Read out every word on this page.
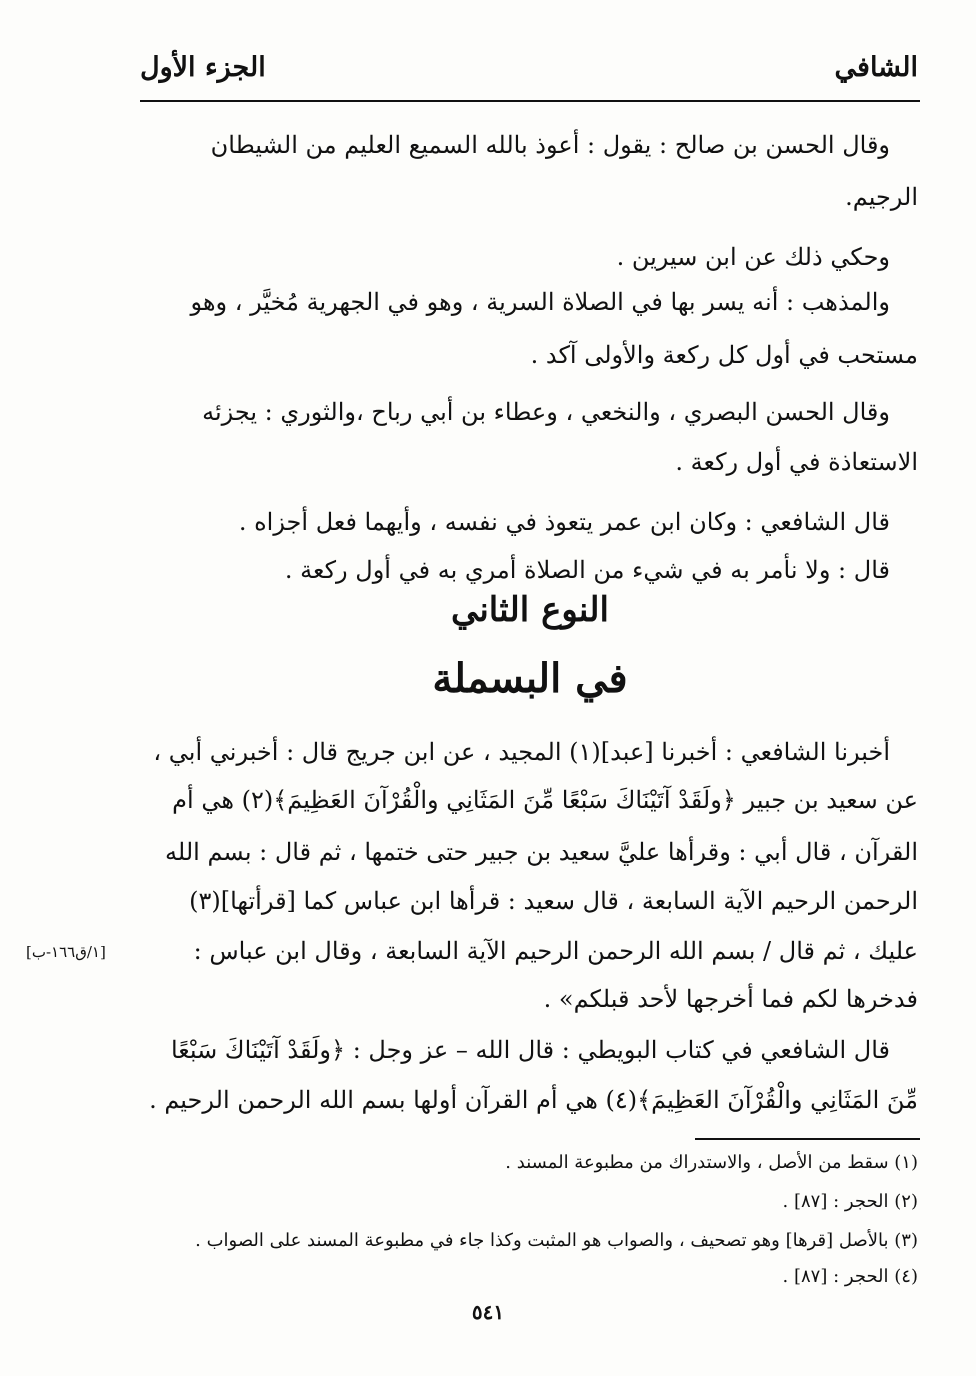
الشافي
الجزء الأول
وقال الحسن بن صالح : يقول : أعوذ بالله السميع العليم من الشيطان
الرجيم.
وحكي ذلك عن ابن سيرين .
والمذهب : أنه يسر بها في الصلاة السرية ، وهو في الجهرية مُخيَّر ، وهو
مستحب في أول كل ركعة والأولى آكد .
وقال الحسن البصري ، والنخعي ، وعطاء بن أبي رباح ،والثوري : يجزئه
الاستعاذة في أول ركعة .
قال الشافعي : وكان ابن عمر يتعوذ في نفسه ، وأيهما فعل أجزاه .
قال : ولا نأمر به في شيء من الصلاة أمري به في أول ركعة .
النوع الثاني
في البسملة
أخبرنا الشافعي : أخبرنا [عبد](١) المجيد ، عن ابن جريج قال : أخبرني أبي ،
عن سعيد بن جبير ﴿ولَقَدْ آتَيْنَاكَ سَبْعًا مِّنَ المَثَانِي والْقُرْآنَ العَظِيمَ﴾(٢) هي أم
القرآن ، قال أبي : وقرأها عليَّ سعيد بن جبير حتى ختمها ، ثم قال : بسم الله
الرحمن الرحيم الآية السابعة ، قال سعيد : قرأها ابن عباس كما [قرأتها](٣)
عليك ، ثم قال / بسم الله الرحمن الرحيم الآية السابعة ، وقال ابن عباس :
فدخرها لكم فما أخرجها لأحد قبلكم» .
قال الشافعي في كتاب البويطي : قال الله – عز وجل : ﴿ولَقَدْ آتَيْنَاكَ سَبْعًا
مِّنَ المَثَانِي والْقُرْآنَ العَظِيمَ﴾(٤) هي أم القرآن أولها بسم الله الرحمن الرحيم .
[١/ق١٦٦-ب]
(١) سقط من الأصل ، والاستدراك من مطبوعة المسند .
(٢) الحجر : [٨٧] .
(٣) بالأصل [قرها] وهو تصحيف ، والصواب هو المثبت وكذا جاء في مطبوعة المسند على الصواب .
(٤) الحجر : [٨٧] .
٥٤١
